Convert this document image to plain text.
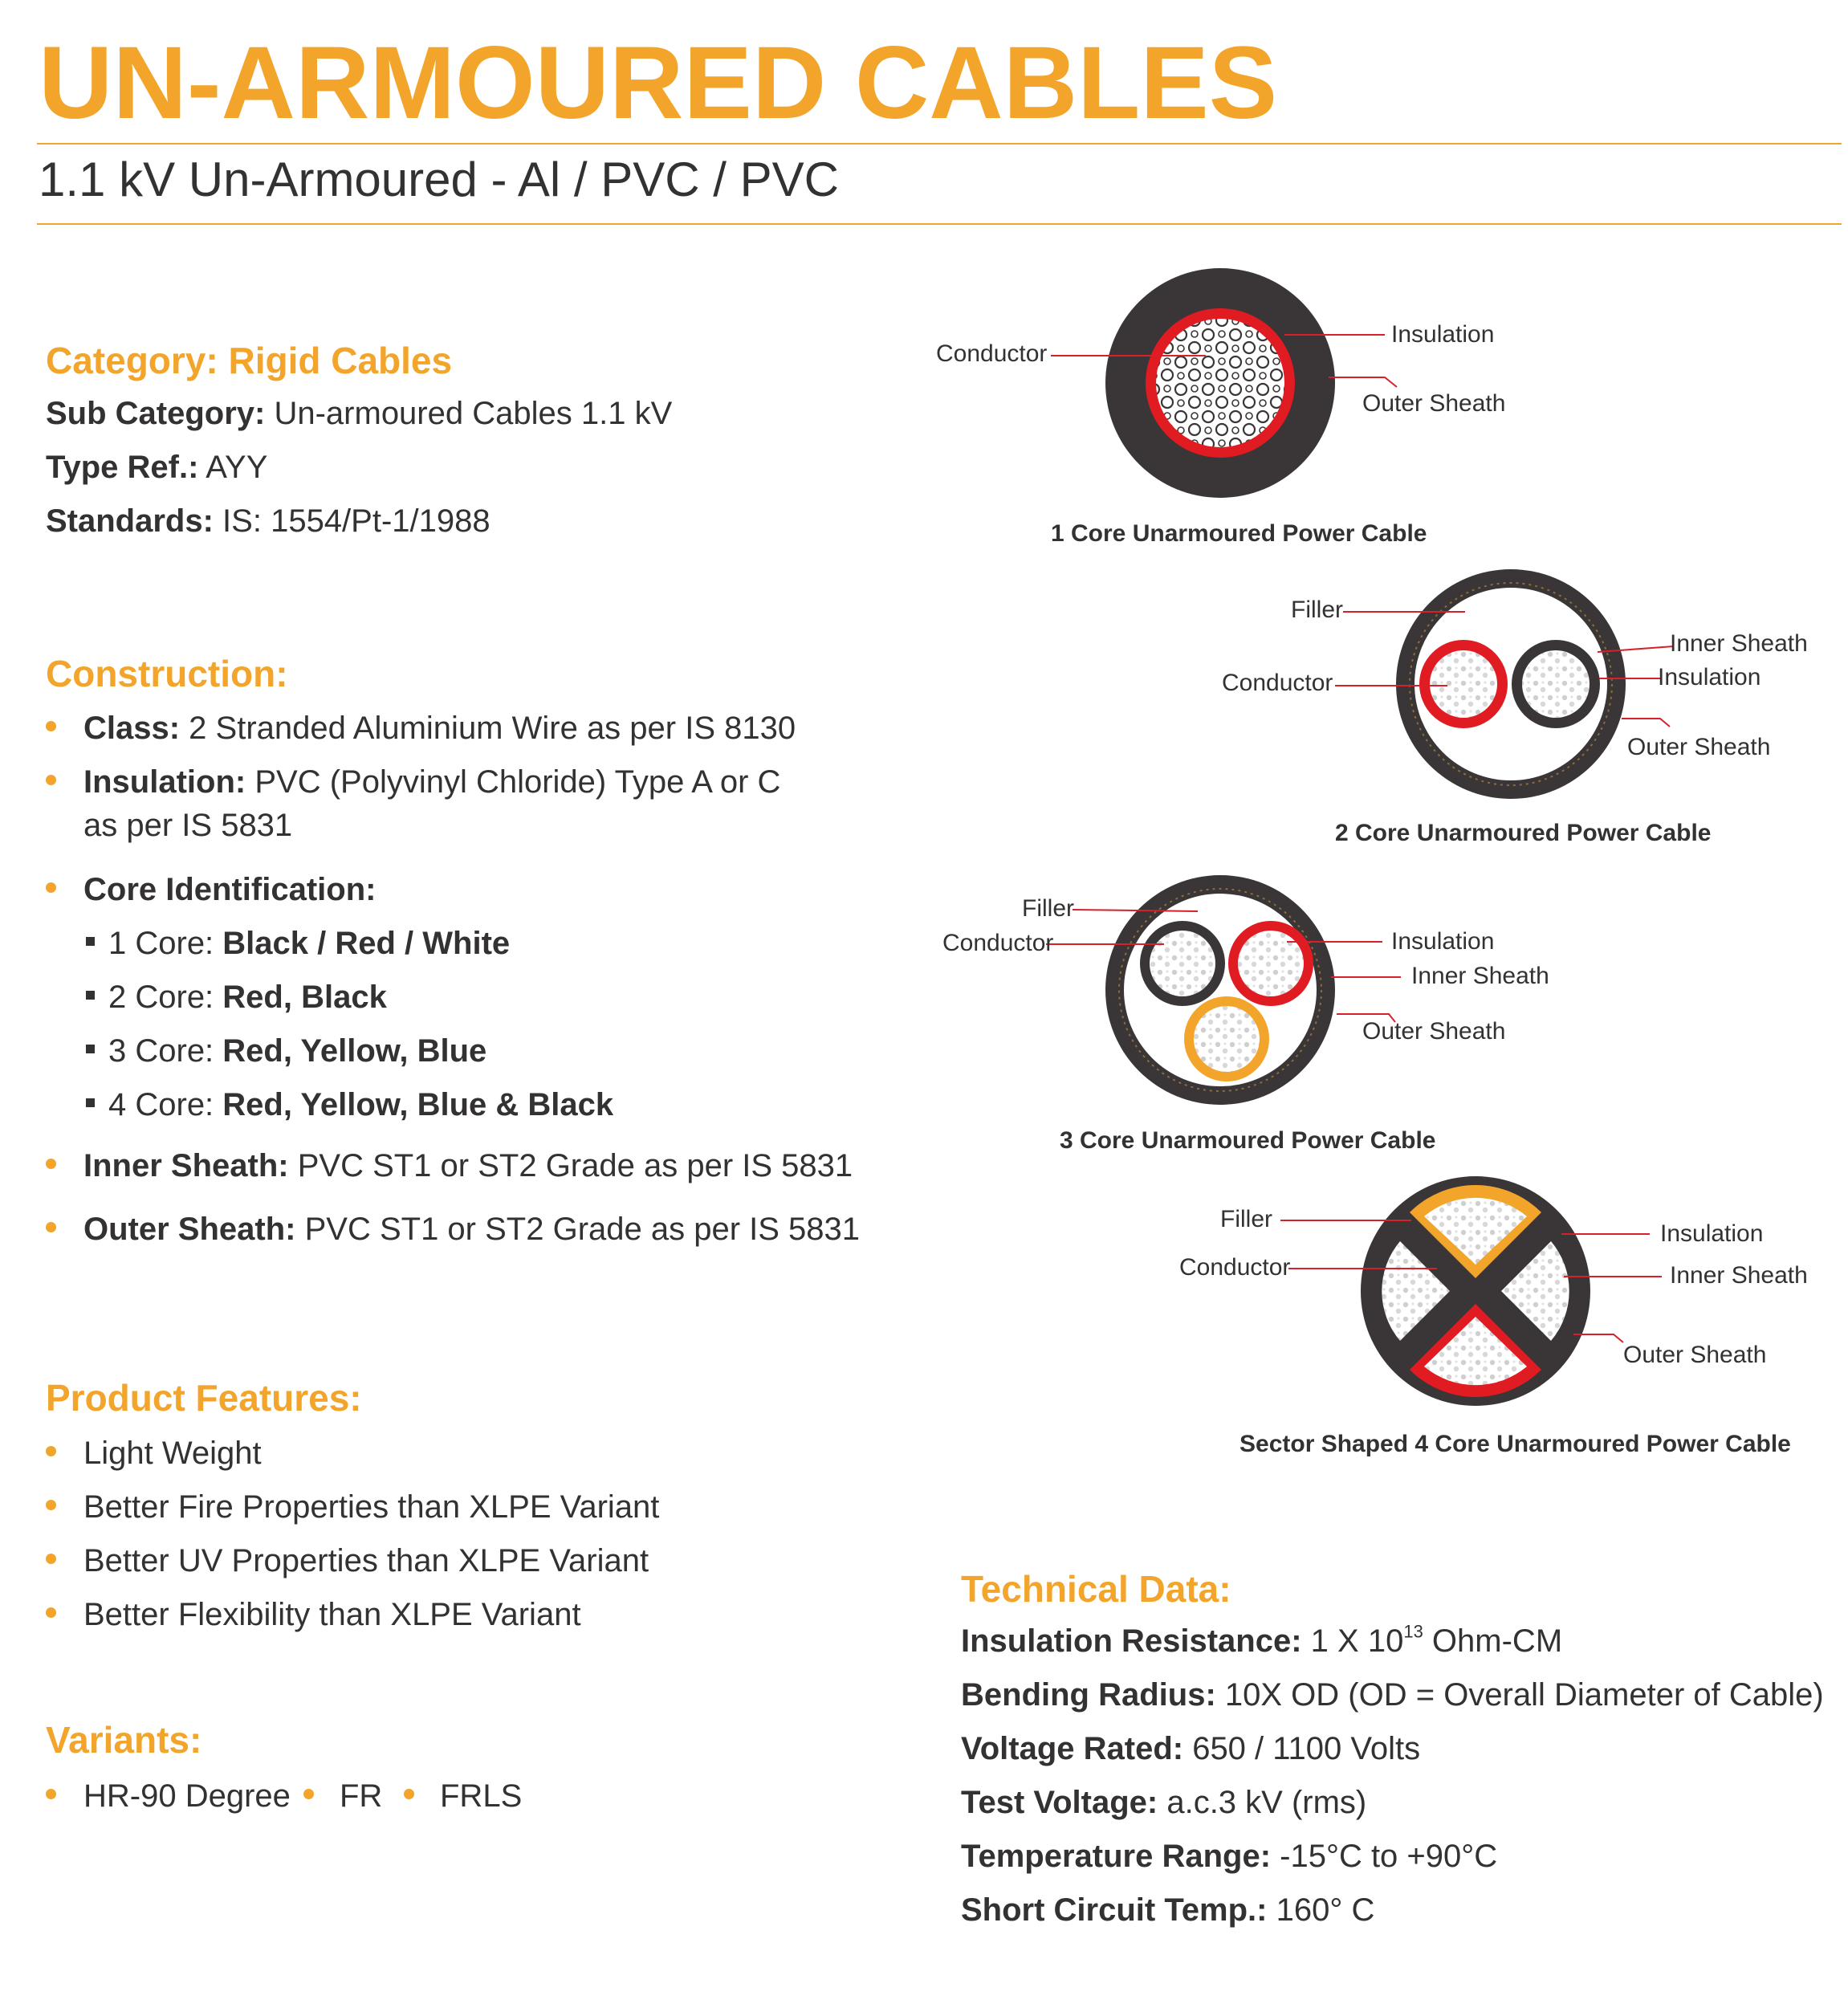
UN-ARMOURED CABLES
1.1 kV Un-Armoured - Al / PVC / PVC
Category: Rigid Cables
Sub Category: Un-armoured Cables 1.1 kV
Type Ref.: AYY
Standards: IS: 1554/Pt-1/1988
Construction:
Class: 2 Stranded Aluminium Wire as per IS 8130
Insulation: PVC (Polyvinyl Chloride) Type A or C
as per IS 5831
Core Identification:
1 Core: Black / Red / White
2 Core: Red, Black
3 Core: Red, Yellow, Blue
4 Core: Red, Yellow, Blue & Black
Inner Sheath: PVC ST1 or ST2 Grade as per IS 5831
Outer Sheath: PVC ST1 or ST2 Grade as per IS 5831
Product Features:
Light Weight
Better Fire Properties than XLPE Variant
Better UV Properties than XLPE Variant
Better Flexibility than XLPE Variant
Variants:
HR-90 Degree FR FRLS
Technical Data:
Insulation Resistance: 1 X $10^{13}$ Ohm-CM
Bending Radius: 10X OD (OD = Overall Diameter of Cable)
Voltage Rated: 650 / 1100 Volts
Test Voltage: a.c.3 kV (rms)
Temperature Range: -15°C to +90°C
Short Circuit Temp.: 160° C
Conductor
Insulation
Outer Sheath
1 Core Unarmoured Power Cable
Filler
Conductor
Inner Sheath
Insulation
Outer Sheath
2 Core Unarmoured Power Cable
Filler
Conductor	Insulation
Inner Sheath
Outer Sheath
3 Core Unarmoured Power Cable
Filler
Conductor
Insulation
Inner Sheath
Outer Sheath
Sector Shaped 4 Core Unarmoured Power Cable
